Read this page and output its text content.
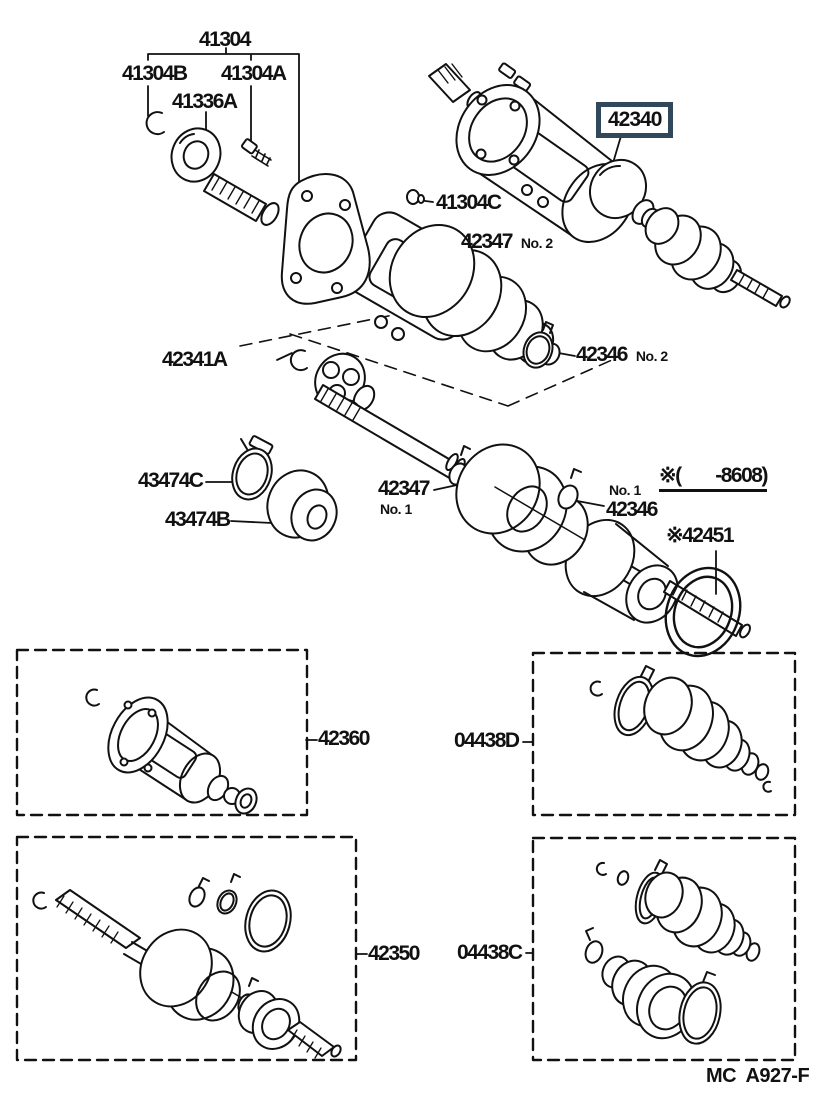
41304
41304B 41304A
41336A
42340
41304C
42347 No. 2
42341A	42346 No. 2
43474C
43474B
42347
No. 1
No. 1
42346
※(        -8608)
※42451
42360	04438D
42350 04438C
MC  A927-F
